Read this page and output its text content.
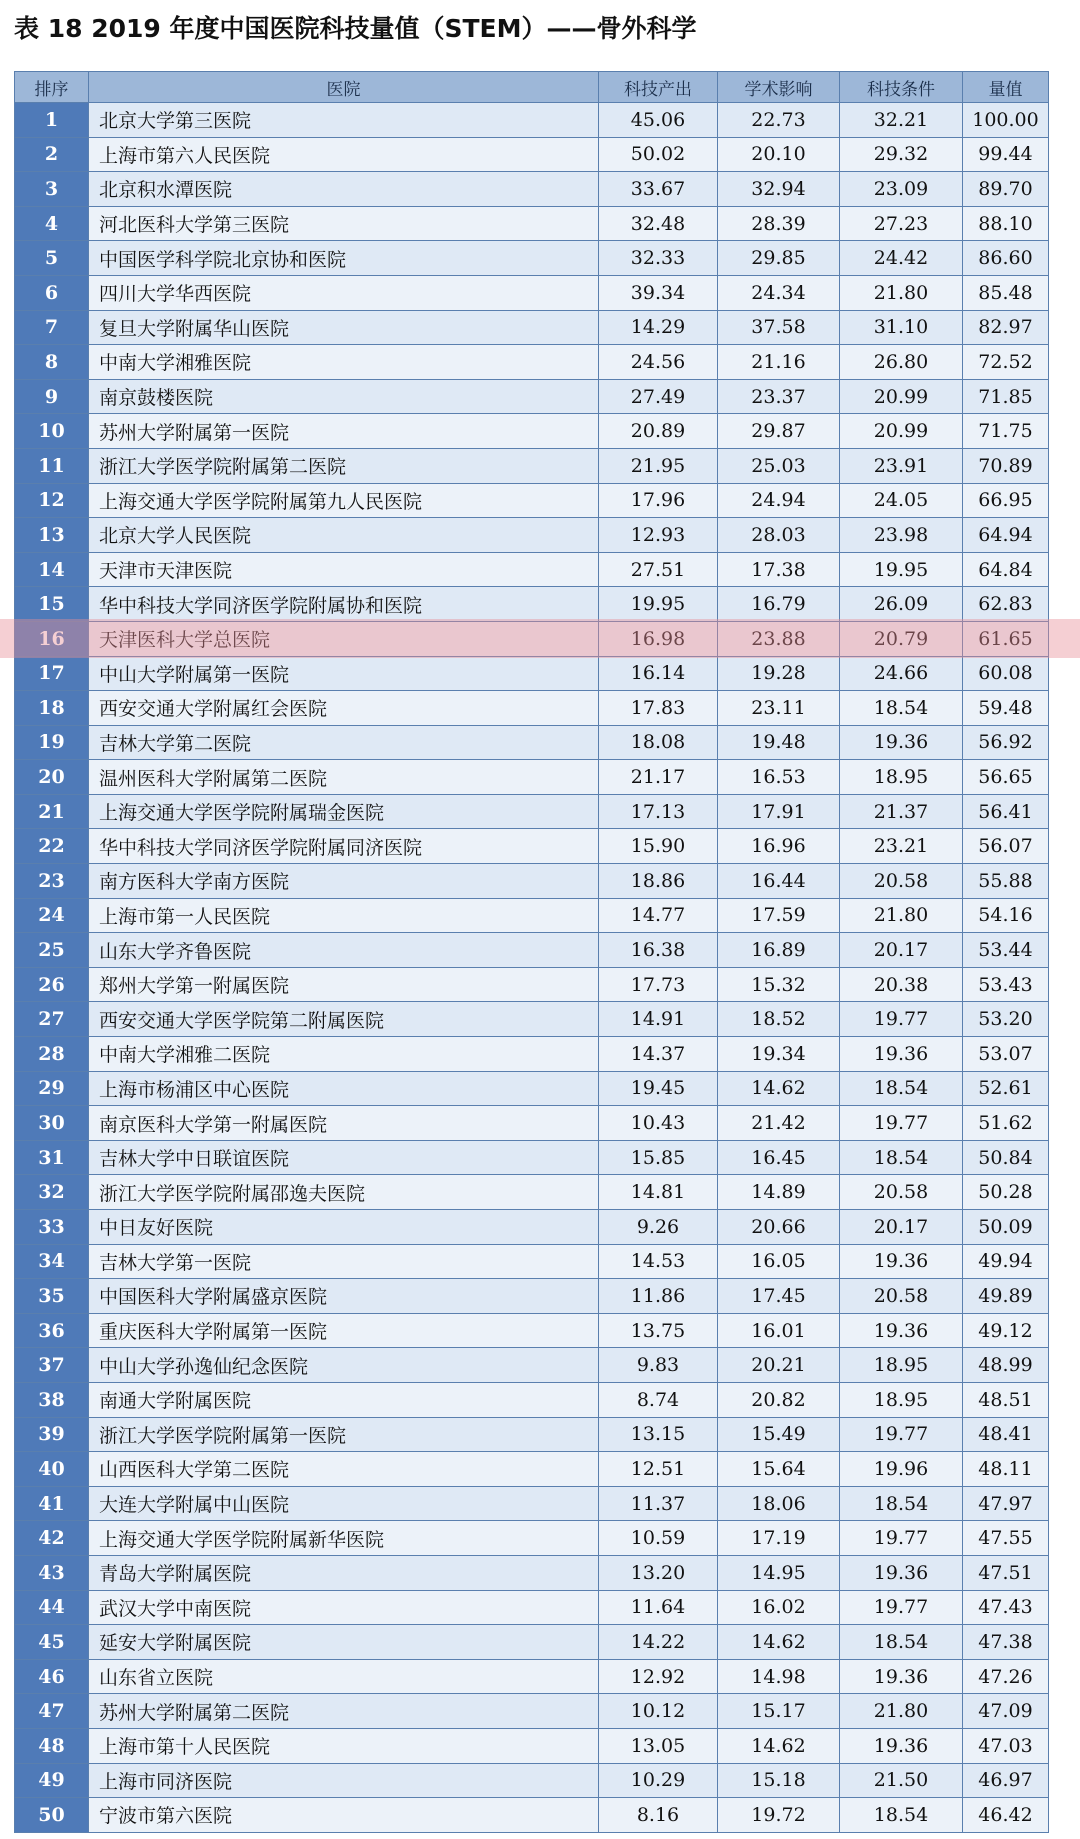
表 18 2019 年度中国医院科技量值（STEM）——骨外科学
排序	医院	科技产出	学术影响	科技条件	量值
1	北京大学第三医院	45.06	22.73	32.21	100.00
2	上海市第六人民医院	50.02	20.10	29.32	99.44
3	北京积水潭医院	33.67	32.94	23.09	89.70
4	河北医科大学第三医院	32.48	28.39	27.23	88.10
5	中国医学科学院北京协和医院	32.33	29.85	24.42	86.60
6	四川大学华西医院	39.34	24.34	21.80	85.48
7	复旦大学附属华山医院	14.29	37.58	31.10	82.97
8	中南大学湘雅医院	24.56	21.16	26.80	72.52
9	南京鼓楼医院	27.49	23.37	20.99	71.85
10	苏州大学附属第一医院	20.89	29.87	20.99	71.75
11	浙江大学医学院附属第二医院	21.95	25.03	23.91	70.89
12	上海交通大学医学院附属第九人民医院	17.96	24.94	24.05	66.95
13	北京大学人民医院	12.93	28.03	23.98	64.94
14	天津市天津医院	27.51	17.38	19.95	64.84
15	华中科技大学同济医学院附属协和医院	19.95	16.79	26.09	62.83
16	天津医科大学总医院	16.98	23.88	20.79	61.65
17	中山大学附属第一医院	16.14	19.28	24.66	60.08
18	西安交通大学附属红会医院	17.83	23.11	18.54	59.48
19	吉林大学第二医院	18.08	19.48	19.36	56.92
20	温州医科大学附属第二医院	21.17	16.53	18.95	56.65
21	上海交通大学医学院附属瑞金医院	17.13	17.91	21.37	56.41
22	华中科技大学同济医学院附属同济医院	15.90	16.96	23.21	56.07
23	南方医科大学南方医院	18.86	16.44	20.58	55.88
24	上海市第一人民医院	14.77	17.59	21.80	54.16
25	山东大学齐鲁医院	16.38	16.89	20.17	53.44
26	郑州大学第一附属医院	17.73	15.32	20.38	53.43
27	西安交通大学医学院第二附属医院	14.91	18.52	19.77	53.20
28	中南大学湘雅二医院	14.37	19.34	19.36	53.07
29	上海市杨浦区中心医院	19.45	14.62	18.54	52.61
30	南京医科大学第一附属医院	10.43	21.42	19.77	51.62
31	吉林大学中日联谊医院	15.85	16.45	18.54	50.84
32	浙江大学医学院附属邵逸夫医院	14.81	14.89	20.58	50.28
33	中日友好医院	9.26	20.66	20.17	50.09
34	吉林大学第一医院	14.53	16.05	19.36	49.94
35	中国医科大学附属盛京医院	11.86	17.45	20.58	49.89
36	重庆医科大学附属第一医院	13.75	16.01	19.36	49.12
37	中山大学孙逸仙纪念医院	9.83	20.21	18.95	48.99
38	南通大学附属医院	8.74	20.82	18.95	48.51
39	浙江大学医学院附属第一医院	13.15	15.49	19.77	48.41
40	山西医科大学第二医院	12.51	15.64	19.96	48.11
41	大连大学附属中山医院	11.37	18.06	18.54	47.97
42	上海交通大学医学院附属新华医院	10.59	17.19	19.77	47.55
43	青岛大学附属医院	13.20	14.95	19.36	47.51
44	武汉大学中南医院	11.64	16.02	19.77	47.43
45	延安大学附属医院	14.22	14.62	18.54	47.38
46	山东省立医院	12.92	14.98	19.36	47.26
47	苏州大学附属第二医院	10.12	15.17	21.80	47.09
48	上海市第十人民医院	13.05	14.62	19.36	47.03
49	上海市同济医院	10.29	15.18	21.50	46.97
50	宁波市第六医院	8.16	19.72	18.54	46.42
